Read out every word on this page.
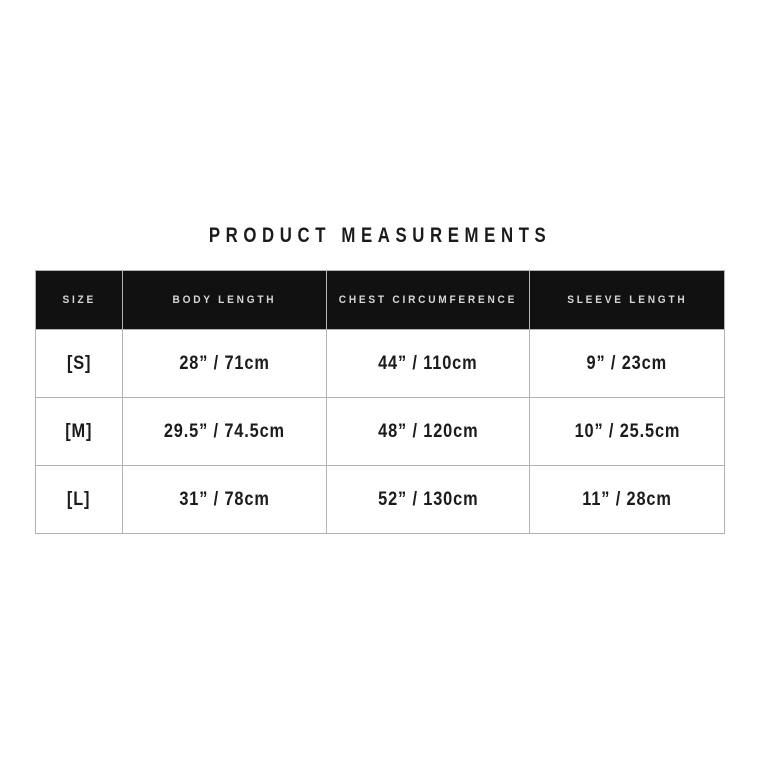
PRODUCT MEASUREMENTS
SIZE	BODY LENGTH	CHEST CIRCUMFERENCE	SLEEVE LENGTH
[S]	28” / 71cm	44” / 110cm	9” / 23cm
[M]	29.5” / 74.5cm	48” / 120cm	10” / 25.5cm
[L]	31” / 78cm	52” / 130cm	11” / 28cm
